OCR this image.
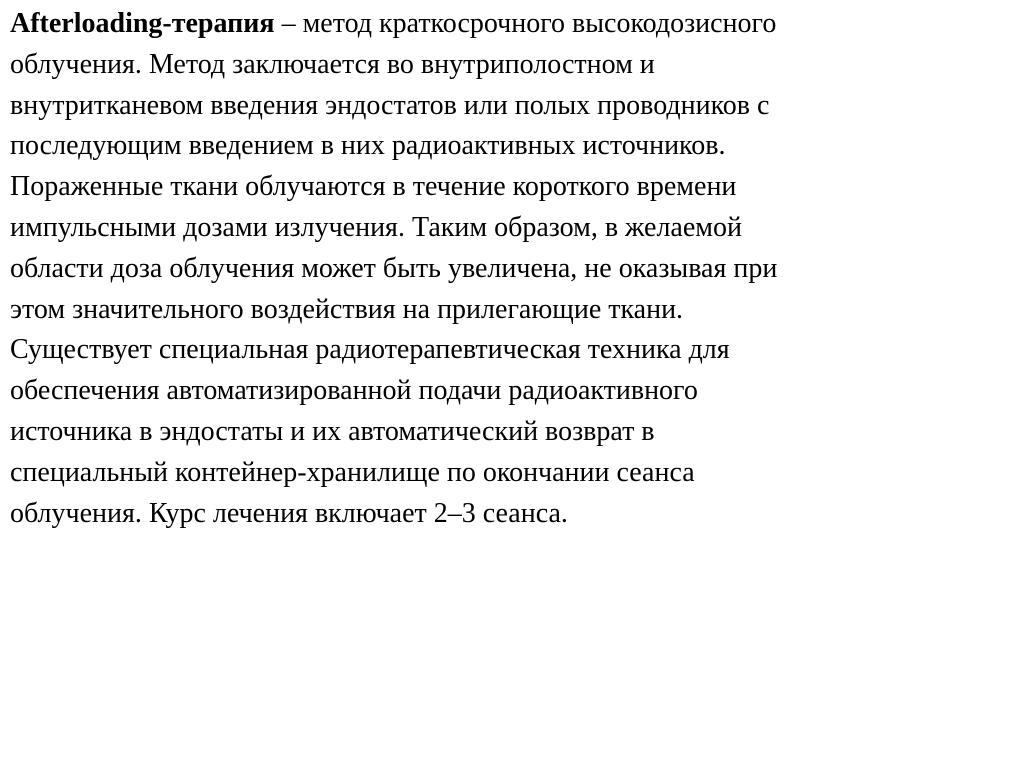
Afterloading-терапия – метод краткосрочного высокодозисного
облучения. Метод заключается во внутриполостном и
внутритканевом введения эндостатов или полых проводников с
последующим введением в них радиоактивных источников.
Пораженные ткани облучаются в течение короткого времени
импульсными дозами излучения. Таким образом, в желаемой
области доза облучения может быть увеличена, не оказывая при
этом значительного воздействия на прилегающие ткани.
Существует специальная радиотерапевтическая техника для
обеспечения автоматизированной подачи радиоактивного
источника в эндостаты и их автоматический возврат в
специальный контейнер-хранилище по окончании сеанса
облучения. Курс лечения включает 2–3 сеанса.
